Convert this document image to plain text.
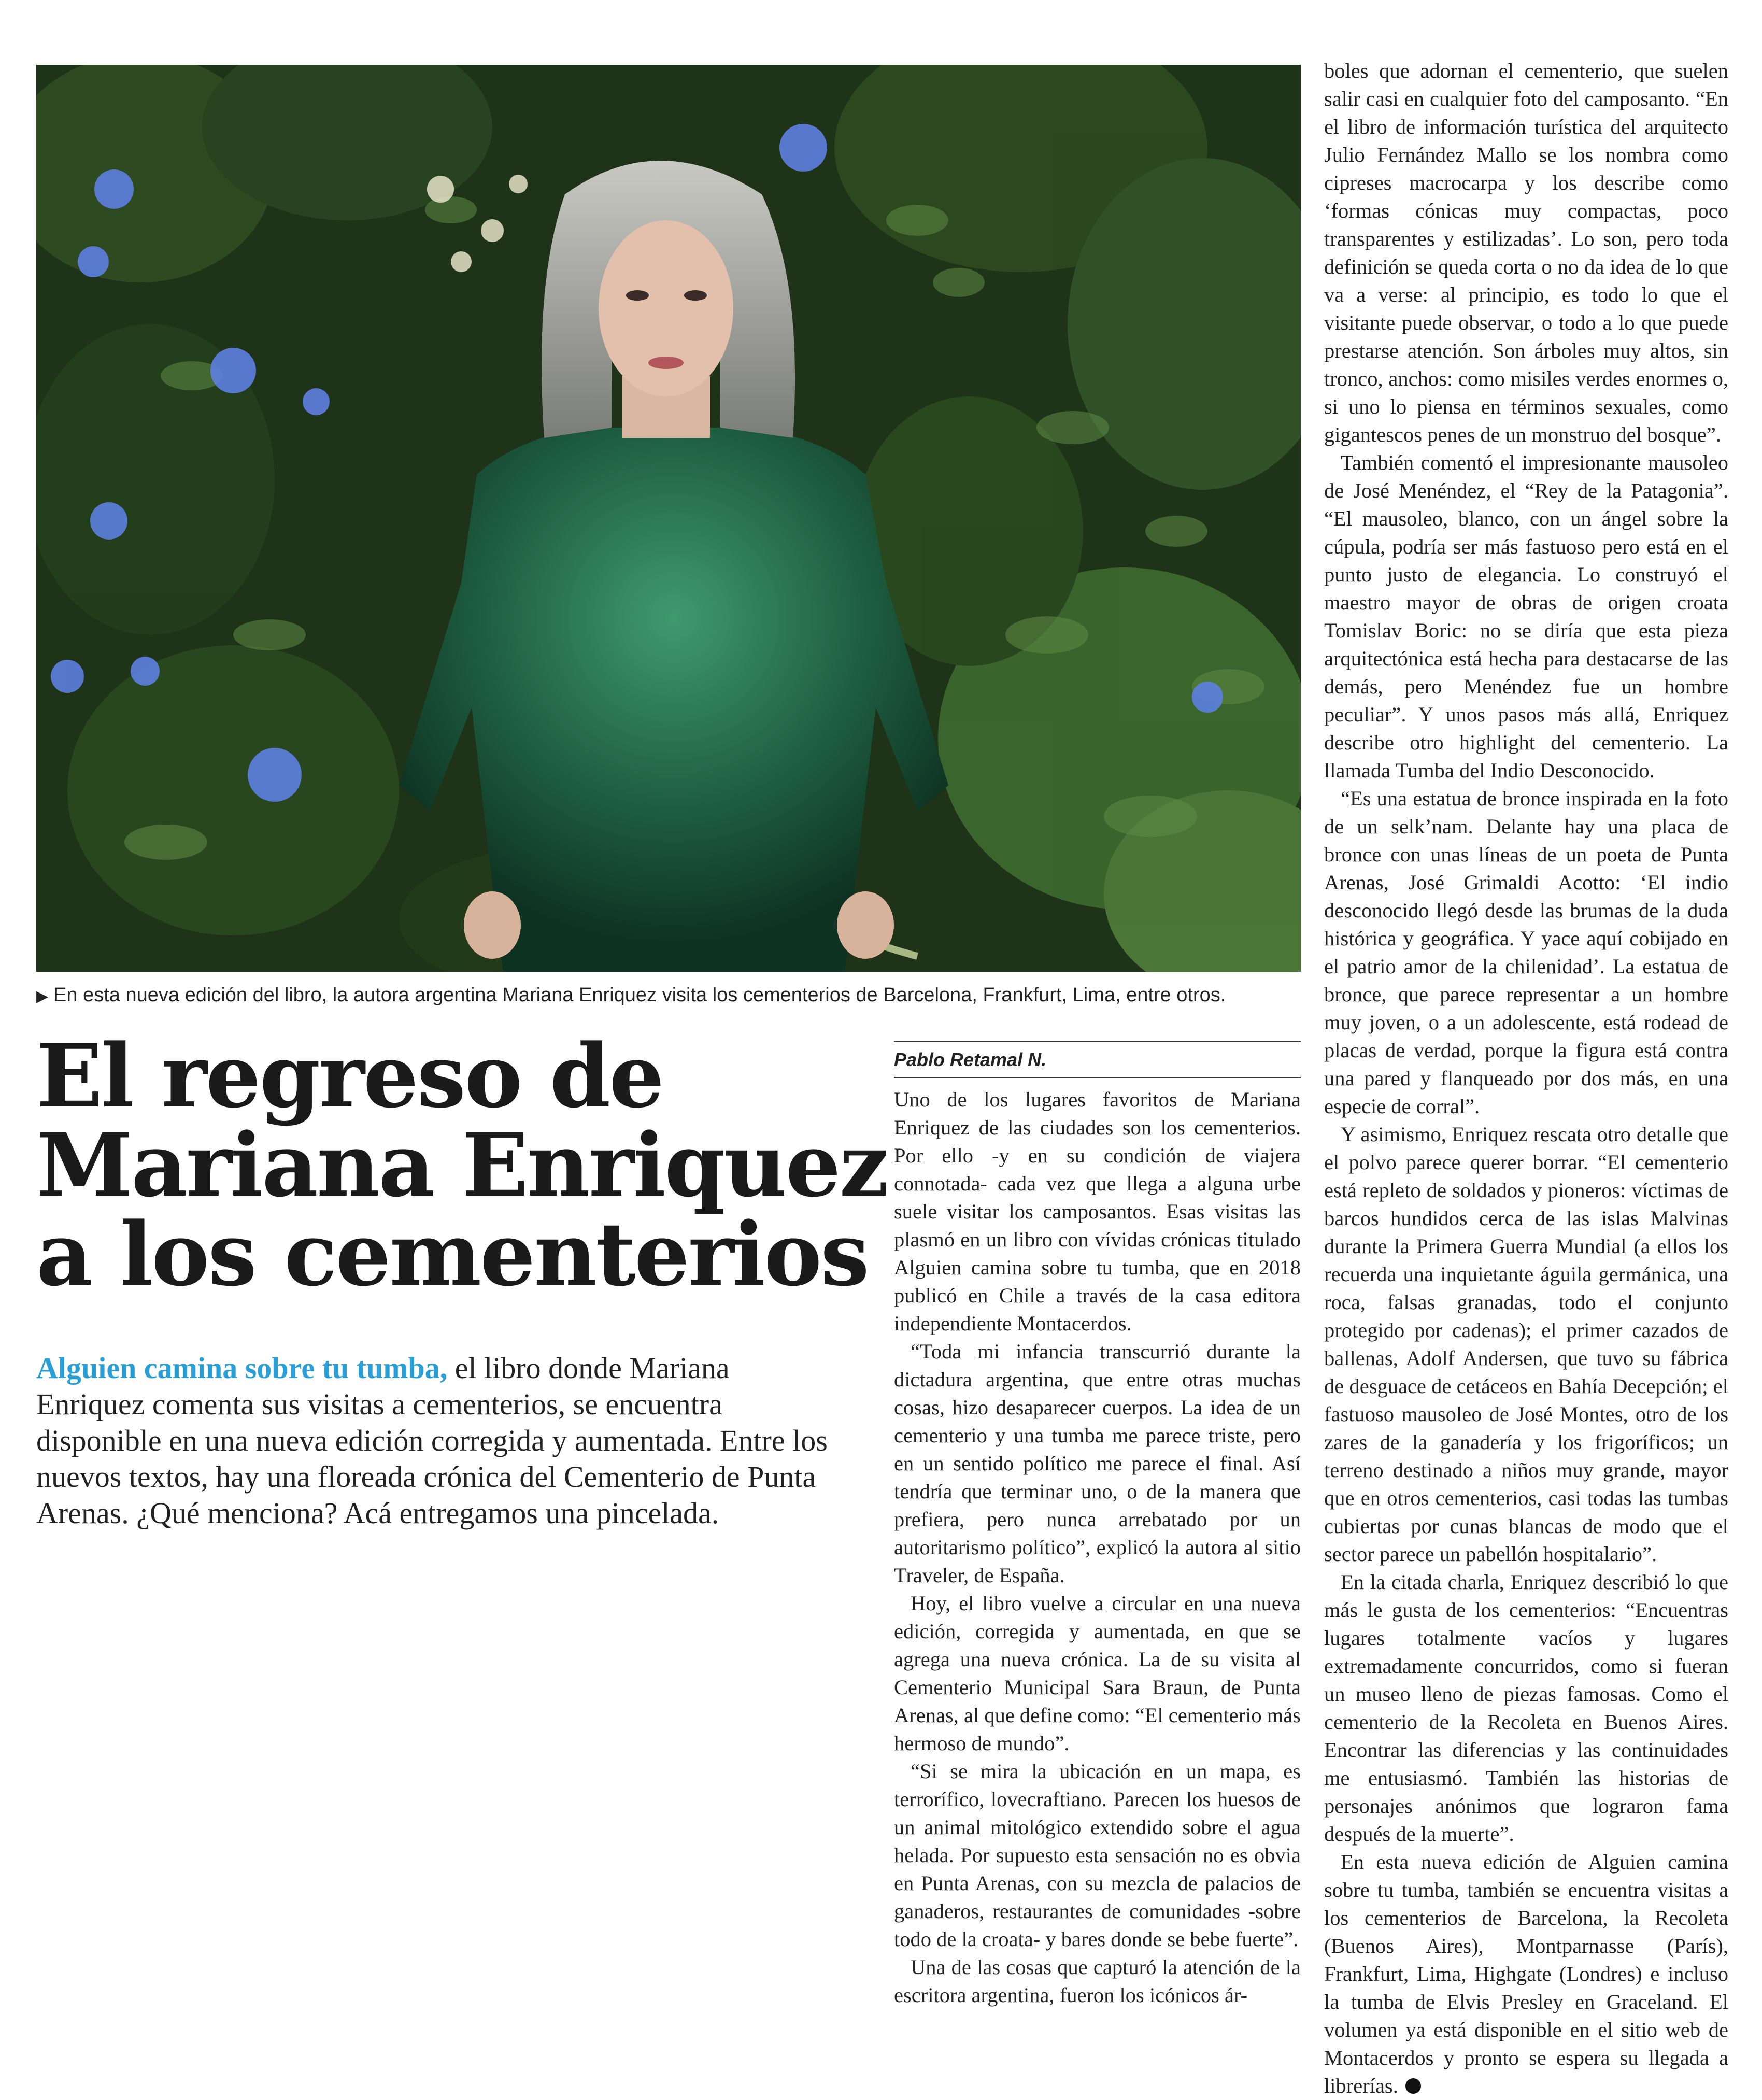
▶ En esta nueva edición del libro, la autora argentina Mariana Enriquez visita los cementerios de Barcelona, Frankfurt, Lima, entre otros.
El regreso de
Mariana Enriquez
a los cementerios
Alguien camina sobre tu tumba, el libro donde Mariana Enriquez comenta sus visitas a cementerios, se encuentra disponible en una nueva edición corregida y aumentada. Entre los nuevos textos, hay una floreada crónica del Cementerio de Punta Arenas. ¿Qué menciona? Acá entregamos una pincelada.
Pablo Retamal N.

Uno de los lugares favoritos de Mariana Enriquez de las ciudades son los cementerios. Por ello -y en su condición de viajera connotada- cada vez que llega a alguna urbe suele visitar los camposantos. Esas visitas las plasmó en un libro con vívidas crónicas titulado Alguien camina sobre tu tumba, que en 2018 publicó en Chile a través de la casa editora independiente Montacerdos.

“Toda mi infancia transcurrió durante la dictadura argentina, que entre otras muchas cosas, hizo desaparecer cuerpos. La idea de un cementerio y una tumba me parece triste, pero en un sentido político me parece el final. Así tendría que terminar uno, o de la manera que prefiera, pero nunca arrebatado por un autoritarismo político”, explicó la autora al sitio Traveler, de España.

Hoy, el libro vuelve a circular en una nueva edición, corregida y aumentada, en que se agrega una nueva crónica. La de su visita al Cementerio Municipal Sara Braun, de Punta Arenas, al que define como: “El cementerio más hermoso de mundo”.

“Si se mira la ubicación en un mapa, es terrorífico, lovecraftiano. Parecen los huesos de un animal mitológico extendido sobre el agua helada. Por supuesto esta sensación no es obvia en Punta Arenas, con su mezcla de palacios de ganaderos, restaurantes de comunidades -sobre todo de la croata- y bares donde se bebe fuerte”.

Una de las cosas que capturó la atención de la escritora argentina, fueron los icónicos ár-

boles que adornan el cementerio, que suelen salir casi en cualquier foto del camposanto. “En el libro de información turística del arquitecto Julio Fernández Mallo se los nombra como cipreses macrocarpa y los describe como ‘formas cónicas muy compactas, poco transparentes y estilizadas’. Lo son, pero toda definición se queda corta o no da idea de lo que va a verse: al principio, es todo lo que el visitante puede observar, o todo a lo que puede prestarse atención. Son árboles muy altos, sin tronco, anchos: como misiles verdes enormes o, si uno lo piensa en términos sexuales, como gigantescos penes de un monstruo del bosque”.

También comentó el impresionante mausoleo de José Menéndez, el “Rey de la Patagonia”. “El mausoleo, blanco, con un ángel sobre la cúpula, podría ser más fastuoso pero está en el punto justo de elegancia. Lo construyó el maestro mayor de obras de origen croata Tomislav Boric: no se diría que esta pieza arquitectónica está hecha para destacarse de las demás, pero Menéndez fue un hombre peculiar”. Y unos pasos más allá, Enriquez describe otro highlight del cementerio. La llamada Tumba del Indio Desconocido.

“Es una estatua de bronce inspirada en la foto de un selk’nam. Delante hay una placa de bronce con unas líneas de un poeta de Punta Arenas, José Grimaldi Acotto: ‘El indio desconocido llegó desde las brumas de la duda histórica y geográfica. Y yace aquí cobijado en el patrio amor de la chilenidad’. La estatua de bronce, que parece representar a un hombre muy joven, o a un adolescente, está rodead de placas de verdad, porque la figura está contra una pared y flanqueado por dos más, en una especie de corral”.

Y asimismo, Enriquez rescata otro detalle que el polvo parece querer borrar. “El cementerio está repleto de soldados y pioneros: víctimas de barcos hundidos cerca de las islas Malvinas durante la Primera Guerra Mundial (a ellos los recuerda una inquietante águila germánica, una roca, falsas granadas, todo el conjunto protegido por cadenas); el primer cazados de ballenas, Adolf Andersen, que tuvo su fábrica de desguace de cetáceos en Bahía Decepción; el fastuoso mausoleo de José Montes, otro de los zares de la ganadería y los frigoríficos; un terreno destinado a niños muy grande, mayor que en otros cementerios, casi todas las tumbas cubiertas por cunas blancas de modo que el sector parece un pabellón hospitalario”.

En la citada charla, Enriquez describió lo que más le gusta de los cementerios: “Encuentras lugares totalmente vacíos y lugares extremadamente concurridos, como si fueran un museo lleno de piezas famosas. Como el cementerio de la Recoleta en Buenos Aires. Encontrar las diferencias y las continuidades me entusiasmó. También las historias de personajes anónimos que lograron fama después de la muerte”.

En esta nueva edición de Alguien camina sobre tu tumba, también se encuentra visitas a los cementerios de Barcelona, la Recoleta (Buenos Aires), Montparnasse (París), Frankfurt, Lima, Highgate (Londres) e incluso la tumba de Elvis Presley en Graceland. El volumen ya está disponible en el sitio web de Montacerdos y pronto se espera su llegada a librerías.
